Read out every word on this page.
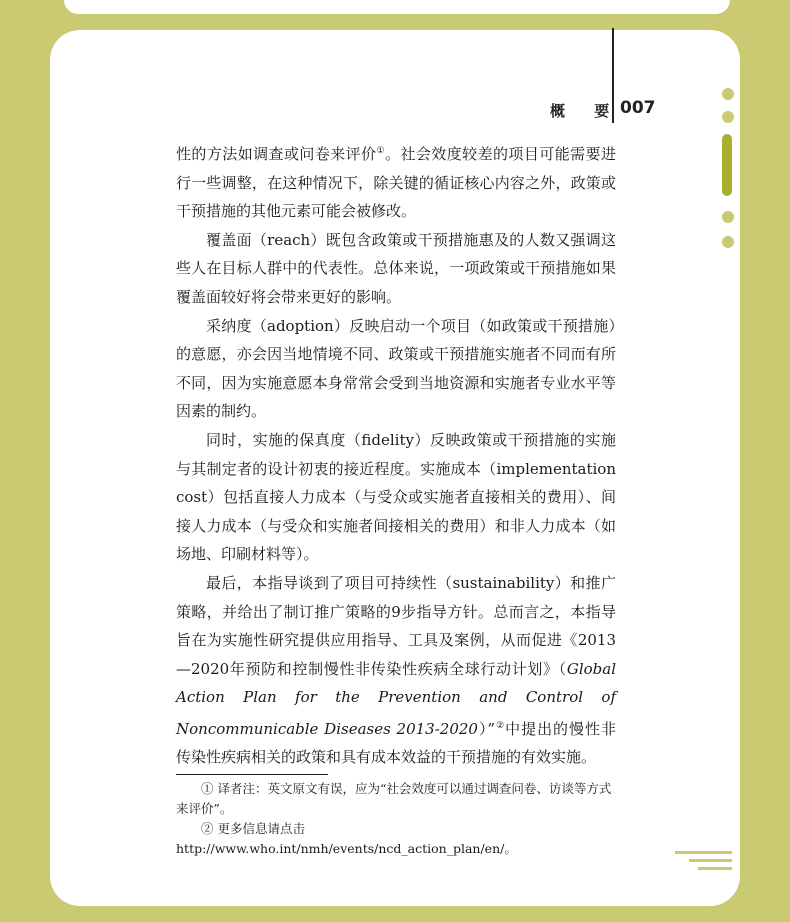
概 要
007

性的方法如调查或问卷来评价①。社会效度较差的项目可能需要进行一些调整，在这种情况下，除关键的循证核心内容之外，政策或干预措施的其他元素可能会被修改。

覆盖面（reach）既包含政策或干预措施惠及的人数又强调这些人在目标人群中的代表性。总体来说，一项政策或干预措施如果覆盖面较好将会带来更好的影响。

采纳度（adoption）反映启动一个项目（如政策或干预措施）的意愿，亦会因当地情境不同、政策或干预措施实施者不同而有所不同，因为实施意愿本身常常会受到当地资源和实施者专业水平等因素的制约。

同时，实施的保真度（fidelity）反映政策或干预措施的实施与其制定者的设计初衷的接近程度。实施成本（implementation cost）包括直接人力成本（与受众或实施者直接相关的费用）、间接人力成本（与受众和实施者间接相关的费用）和非人力成本（如场地、印刷材料等）。

最后，本指导谈到了项目可持续性（sustainability）和推广策略，并给出了制订推广策略的9步指导方针。总而言之，本指导旨在为实施性研究提供应用指导、工具及案例，从而促进《2013—2020年预防和控制慢性非传染性疾病全球行动计划》（Global Action Plan for the Prevention and Control of Noncommunicable Diseases 2013-2020）”②中提出的慢性非传染性疾病相关的政策和具有成本效益的干预措施的有效实施。

① 译者注：英文原文有误，应为“社会效度可以通过调查问卷、访谈等方式来评价”。

② 更多信息请点击http://www.who.int/nmh/events/ncd_action_plan/en/。
